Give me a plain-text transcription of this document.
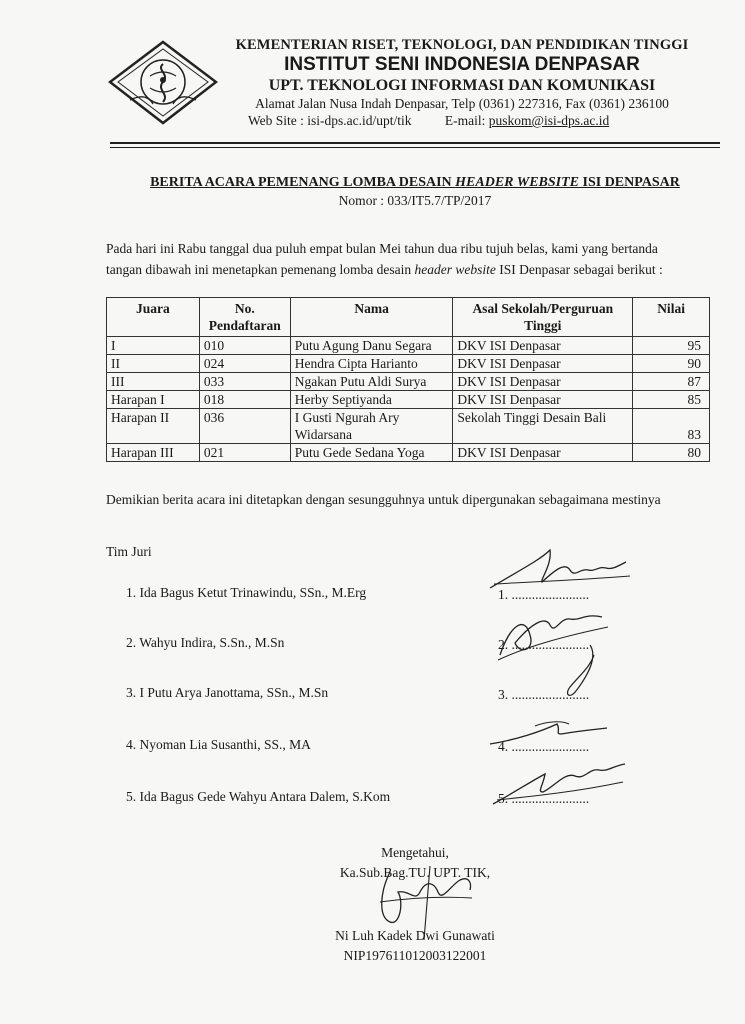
KEMENTERIAN RISET, TEKNOLOGI, DAN PENDIDIKAN TINGGI
INSTITUT SENI INDONESIA DENPASAR
UPT. TEKNOLOGI INFORMASI DAN KOMUNIKASI
Alamat Jalan Nusa Indah Denpasar, Telp (0361) 227316, Fax (0361) 236100
Web Site : isi-dps.ac.id/upt/tik E-mail: puskom@isi-dps.ac.id
BERITA ACARA PEMENANG LOMBA DESAIN HEADER WEBSITE ISI DENPASAR
Nomor : 033/IT5.7/TP/2017
Pada hari ini Rabu tanggal dua puluh empat bulan Mei tahun dua ribu tujuh belas, kami yang bertanda
tangan dibawah ini menetapkan pemenang lomba desain header website ISI Denpasar sebagai berikut :
Juara	No. Pendaftaran	Nama	Asal Sekolah/Perguruan Tinggi	Nilai
I	010	Putu Agung Danu Segara	DKV ISI Denpasar	95
II	024	Hendra Cipta Harianto	DKV ISI Denpasar	90
III	033	Ngakan Putu Aldi Surya	DKV ISI Denpasar	87
Harapan I	018	Herby Septiyanda	DKV ISI Denpasar	85
Harapan II	036	I Gusti Ngurah Ary Widarsana	Sekolah Tinggi Desain Bali	83
Harapan III	021	Putu Gede Sedana Yoga	DKV ISI Denpasar	80
Demikian berita acara ini ditetapkan dengan sesungguhnya untuk dipergunakan sebagaimana mestinya
Tim Juri
1. Ida Bagus Ketut Trinawindu, SSn., M.Erg
2. Wahyu Indira, S.Sn., M.Sn
3. I Putu Arya Janottama, SSn., M.Sn
4. Nyoman Lia Susanthi, SS., MA
5. Ida Bagus Gede Wahyu Antara Dalem, S.Kom
1. .......................
2. .......................
3. .......................
4. .......................
5. .......................
Mengetahui,
Ka.Sub.Bag.TU. UPT. TIK,
Ni Luh Kadek Dwi Gunawati
NIP197611012003122001
